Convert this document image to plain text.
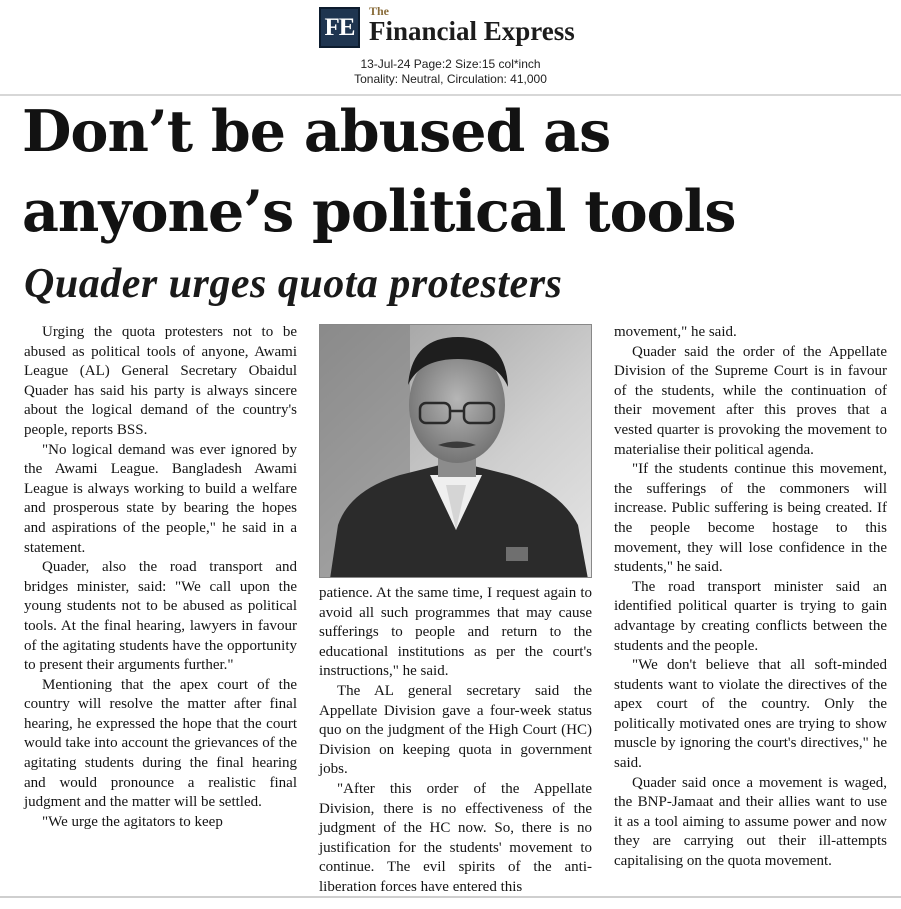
FE
The
Financial Express
13-Jul-24 Page:2 Size:15 col*inch
Tonality: Neutral, Circulation: 41,000
Don’t be abused as anyone’s political tools
Quader urges quota protesters

Urging the quota protesters not to be abused as political tools of anyone, Awami League (AL) General Secretary Obaidul Quader has said his party is always sincere about the logical demand of the country's people, reports BSS.

"No logical demand was ever ignored by the Awami League. Bangladesh Awami League is always working to build a welfare and prosperous state by bearing the hopes and aspirations of the people," he said in a statement.

Quader, also the road transport and bridges minister, said: "We call upon the young students not to be abused as political tools. At the final hearing, lawyers in favour of the agitating students have the opportunity to present their arguments further."

Mentioning that the apex court of the country will resolve the matter after final hearing, he expressed the hope that the court would take into account the grievances of the agitating students during the final hearing and would pronounce a realistic final judgment and the matter will be settled.

"We urge the agitators to keep

patience. At the same time, I request again to avoid all such programmes that may cause sufferings to people and return to the educational institutions as per the court's instructions," he said.

The AL general secretary said the Appellate Division gave a four-week status quo on the judgment of the High Court (HC) Division on keeping quota in government jobs.

"After this order of the Appellate Division, there is no effectiveness of the judgment of the HC now. So, there is no justification for the students' movement to continue. The evil spirits of the anti-liberation forces have entered this

movement," he said.

Quader said the order of the Appellate Division of the Supreme Court is in favour of the students, while the continuation of their movement after this proves that a vested quarter is provoking the movement to materialise their political agenda.

"If the students continue this movement, the sufferings of the commoners will increase. Public suffering is being created. If the people become hostage to this movement, they will lose confidence in the students," he said.

The road transport minister said an identified political quarter is trying to gain advantage by creating conflicts between the students and the people.

"We don't believe that all soft-minded students want to violate the directives of the apex court of the country. Only the politically motivated ones are trying to show muscle by ignoring the court's directives," he said.

Quader said once a movement is waged, the BNP-Jamaat and their allies want to use it as a tool aiming to assume power and now they are carrying out their ill-attempts capitalising on the quota movement.
